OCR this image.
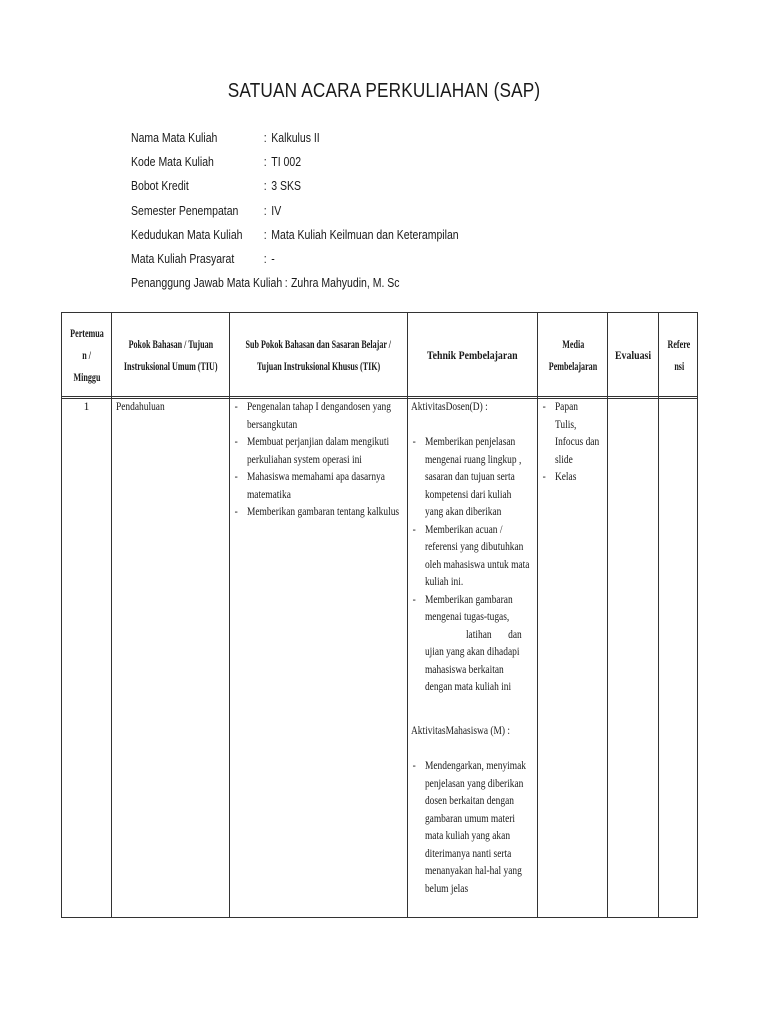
SATUAN ACARA PERKULIAHAN (SAP)
Nama Mata Kuliah	: Kalkulus II
Kode Mata Kuliah	: TI 002
Bobot Kredit	: 3 SKS
Semester Penempatan	: IV
Kedudukan Mata Kuliah	: Mata Kuliah Keilmuan dan Keterampilan
Mata Kuliah Prasyarat	: -
Penanggung Jawab Mata Kuliah : Zuhra Mahyudin, M. Sc
Pertemua
n /
Minggu
Pokok Bahasan / Tujuan
Instruksional Umum (TIU)
Sub Pokok Bahasan dan Sasaran Belajar /
Tujuan Instruksional Khusus (TIK)
Tehnik Pembelajaran
Media
Pembelajaran
Evaluasi
Refere
nsi
1	Pendahuluan
-	Pengenalan tahap I dengandosen yang bersangkutan
- Membuat perjanjian dalam mengikuti perkuliahan system operasi ini
- Mahasiswa memahami apa dasarnya matematika
- Memberikan gambaran tentang kalkulus
AktivitasDosen(D) :
- Memberikan penjelasan
mengenai ruang lingkup ,
sasaran dan tujuan serta
kompetensi dari kuliah
yang akan diberikan
- Memberikan acuan /
referensi yang dibutuhkan
oleh mahasiswa untuk mata
kuliah ini.
- Memberikan gambaran
mengenai tugas-tugas,
latihan       dan
ujian yang akan dihadapi
mahasiswa berkaitan
dengan mata kuliah ini
AktivitasMahasiswa (M) :
- Mendengarkan, menyimak
penjelasan yang diberikan
dosen berkaitan dengan
gambaran umum materi
mata kuliah yang akan
diterimanya nanti serta
menanyakan hal-hal yang
belum jelas
- Papan
Tulis,
Infocus dan
slide
- Kelas
